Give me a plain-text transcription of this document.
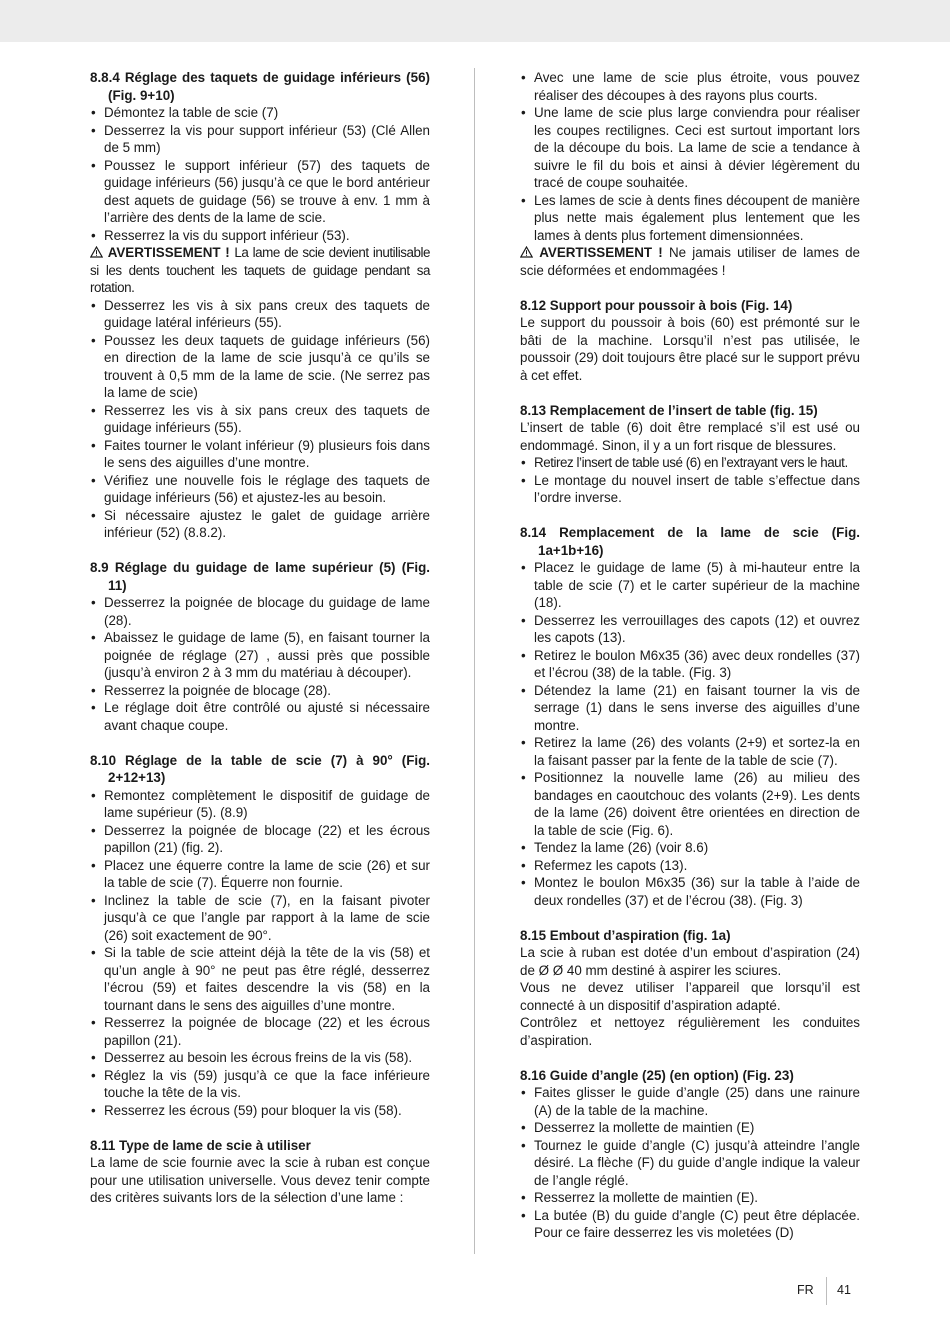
8.8.4 Réglage des taquets de guidage inférieurs (56) (Fig. 9+10)
• Démontez la table de scie (7)
• Desserrez la vis pour support inférieur (53) (Clé Allen de 5 mm)
• Poussez le support inférieur (57) des taquets de guidage inférieurs (56) jusqu’à ce que le bord antérieur dest aquets de guidage (56) se trouve à env. 1 mm à l’arrière des dents de la lame de scie.
• Resserrez la vis du support inférieur (53).
AVERTISSEMENT ! La lame de scie devient inutilisable si les dents touchent les taquets de guidage pendant sa rotation.
• Desserrez les vis à six pans creux des taquets de guidage latéral inférieurs (55).
• Poussez les deux taquets de guidage inférieurs (56) en direction de la lame de scie jusqu’à ce qu’ils se trouvent à 0,5 mm de la lame de scie. (Ne serrez pas la lame de scie)
• Resserrez les vis à six pans creux des taquets de guidage inférieurs (55).
• Faites tourner le volant inférieur (9) plusieurs fois dans le sens des aiguilles d’une montre.
• Vérifiez une nouvelle fois le réglage des taquets de guidage inférieurs (56) et ajustez-les au besoin.
• Si nécessaire ajustez le galet de guidage arrière inférieur (52) (8.8.2).
8.9 Réglage du guidage de lame supérieur (5) (Fig. 11)
• Desserrez la poignée de blocage du guidage de lame (28).
• Abaissez le guidage de lame (5), en faisant tourner la poignée de réglage (27) , aussi près que possible (jusqu’à environ 2 à 3 mm du matériau à découper).
• Resserrez la poignée de blocage (28).
• Le réglage doit être contrôlé ou ajusté si nécessaire avant chaque coupe.
8.10 Réglage de la table de scie (7) à 90° (Fig. 2+12+13)
• Remontez complètement le dispositif de guidage de lame supérieur (5). (8.9)
• Desserrez la poignée de blocage (22) et les écrous papillon (21) (fig. 2).
• Placez une équerre contre la lame de scie (26) et sur la table de scie (7). Équerre non fournie.
• Inclinez la table de scie (7), en la faisant pivoter jusqu’à ce que l’angle par rapport à la lame de scie (26) soit exactement de 90°.
• Si la table de scie atteint déjà la tête de la vis (58) et qu’un angle à 90° ne peut pas être réglé, desserrez l’écrou (59) et faites descendre la vis (58) en la tournant dans le sens des aiguilles d’une montre.
• Resserrez la poignée de blocage (22) et les écrous papillon (21).
• Desserrez au besoin les écrous freins de la vis (58).
• Réglez la vis (59) jusqu’à ce que la face inférieure touche la tête de la vis.
• Resserrez les écrous (59) pour bloquer la vis (58).
8.11 Type de lame de scie à utiliser
La lame de scie fournie avec la scie à ruban est conçue pour une utilisation universelle. Vous devez tenir compte des critères suivants lors de la sélection d’une lame :
• Avec une lame de scie plus étroite, vous pouvez réaliser des découpes à des rayons plus courts.
• Une lame de scie plus large conviendra pour réaliser les coupes rectilignes. Ceci est surtout important lors de la découpe du bois. La lame de scie a tendance à suivre le fil du bois et ainsi à dévier légèrement du tracé de coupe souhaitée.
• Les lames de scie à dents fines découpent de manière plus nette mais également plus lentement que les lames à dents plus fortement dimensionnées.
AVERTISSEMENT ! Ne jamais utiliser de lames de scie déformées et endommagées !
8.12 Support pour poussoir à bois (Fig. 14)
Le support du poussoir à bois (60) est prémonté sur le bâti de la machine. Lorsqu’il n’est pas utilisée, le poussoir (29) doit toujours être placé sur le support prévu à cet effet.
8.13 Remplacement de l’insert de table (fig. 15)
L’insert de table (6) doit être remplacé s’il est usé ou endommagé. Sinon, il y a un fort risque de blessures.
• Retirez l’insert de table usé (6) en l’extrayant vers le haut.
• Le montage du nouvel insert de table s’effectue dans l’ordre inverse.
8.14 Remplacement de la lame de scie (Fig. 1a+1b+16)
• Placez le guidage de lame (5) à mi-hauteur entre la table de scie (7) et le carter supérieur de la machine (18).
• Desserrez les verrouillages des capots (12) et ouvrez les capots (13).
• Retirez le boulon M6x35 (36) avec deux rondelles (37) et l’écrou (38) de la table. (Fig. 3)
• Détendez la lame (21) en faisant tourner la vis de serrage (1) dans le sens inverse des aiguilles d’une montre.
• Retirez la lame (26) des volants (2+9) et sortez-la en la faisant passer par la fente de la table de scie (7).
• Positionnez la nouvelle lame (26) au milieu des bandages en caoutchouc des volants (2+9). Les dents de la lame (26) doivent être orientées en direction de la table de scie (Fig. 6).
• Tendez la lame (26) (voir 8.6)
• Refermez les capots (13).
• Montez le boulon M6x35 (36) sur la table à l’aide de deux rondelles (37) et de l’écrou (38). (Fig. 3)
8.15 Embout d’aspiration (fig. 1a)
La scie à ruban est dotée d’un embout d’aspiration (24) de Ø Ø 40 mm destiné à aspirer les sciures.
Vous ne devez utiliser l’appareil que lorsqu’il est connecté à un dispositif d’aspiration adapté.
Contrôlez et nettoyez régulièrement les conduites d’aspiration.
8.16 Guide d’angle (25) (en option) (Fig. 23)
• Faites glisser le guide d’angle (25) dans une rainure (A) de la table de la machine.
• Desserrez la mollette de maintien (E)
• Tournez le guide d’angle (C) jusqu’à atteindre l’angle désiré. La flèche (F) du guide d’angle indique la valeur de l’angle réglé.
• Resserrez la mollette de maintien (E).
• La butée (B) du guide d’angle (C) peut être déplacée. Pour ce faire desserrez les vis moletées (D)
FR 41
